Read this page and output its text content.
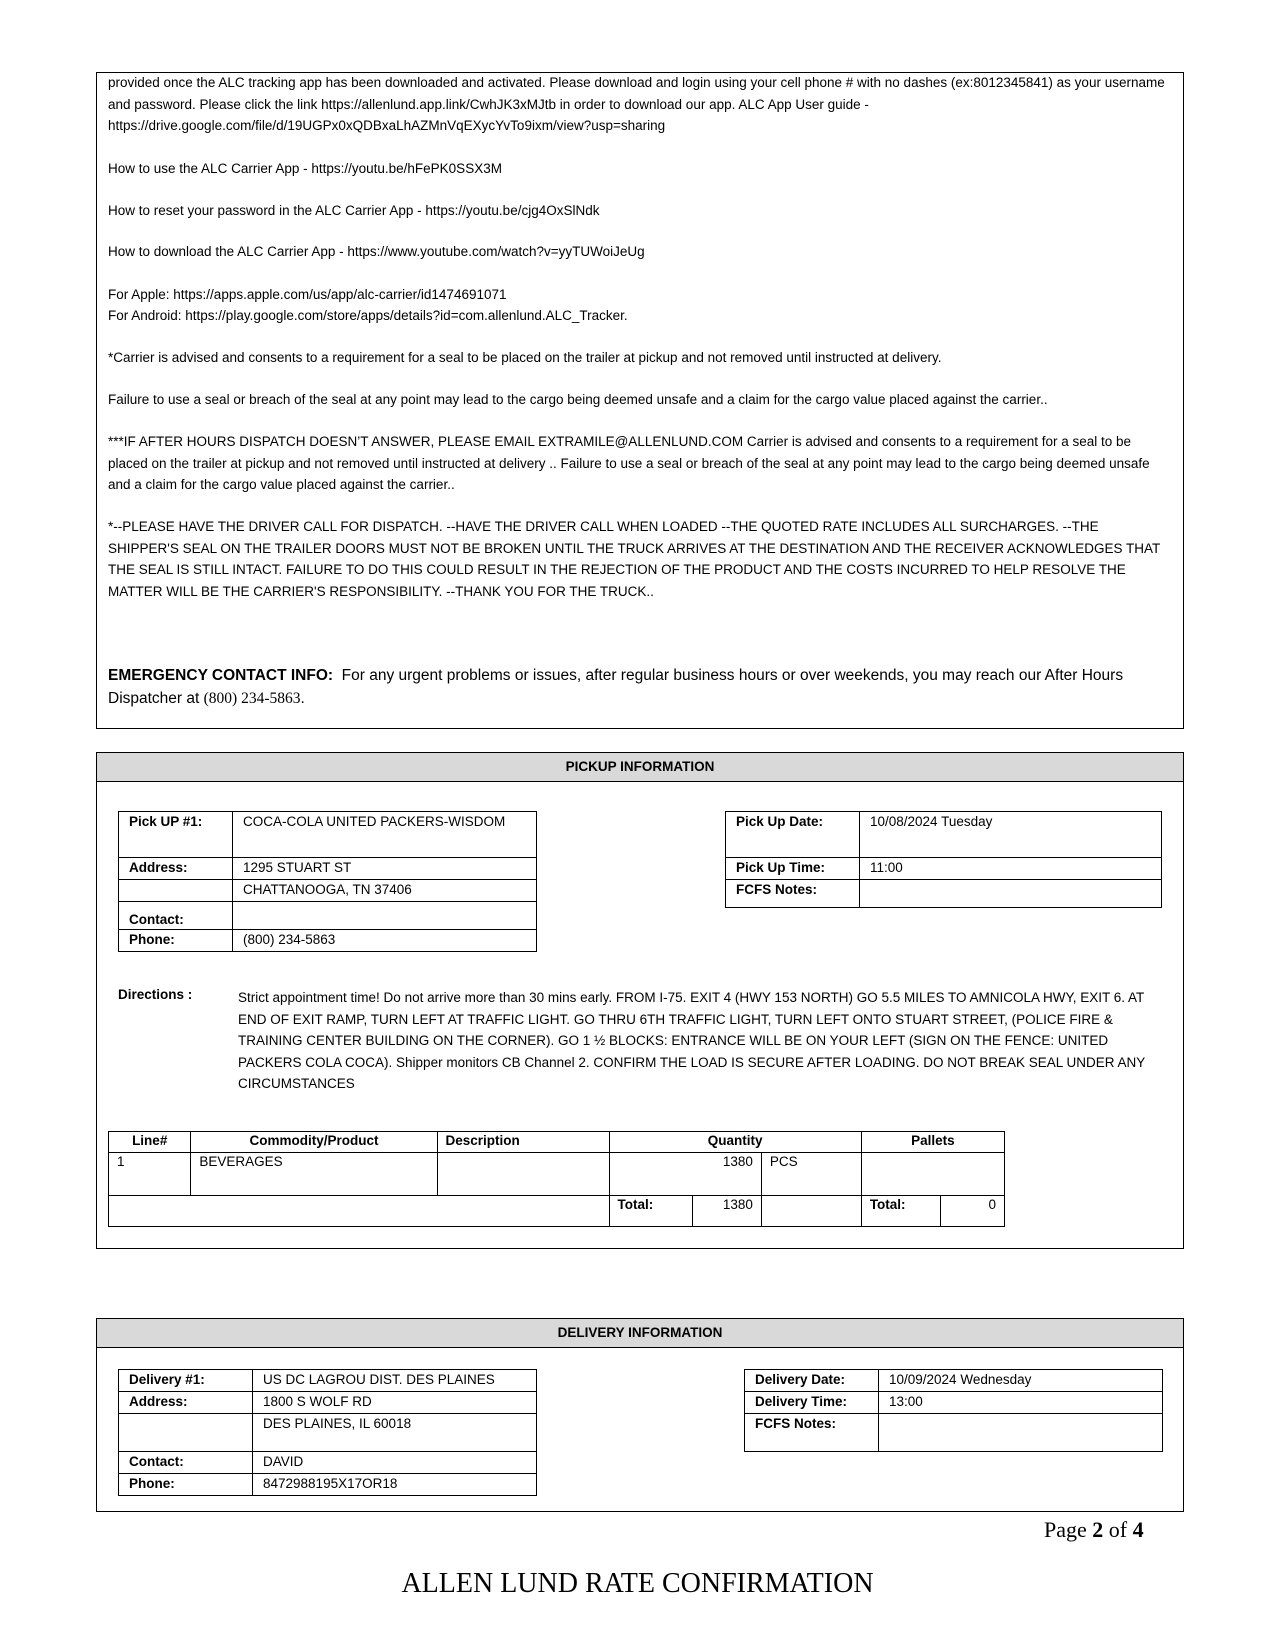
provided once the ALC tracking app has been downloaded and activated. Please download and login using your cell phone # with no dashes (ex:8012345841) as your username and password. Please click the link https://allenlund.app.link/CwhJK3xMJtb in order to download our app. ALC App User guide - https://drive.google.com/file/d/19UGPx0xQDBxaLhAZMnVqEXycYvTo9ixm/view?usp=sharing

How to use the ALC Carrier App - https://youtu.be/hFePK0SSX3M

How to reset your password in the ALC Carrier App - https://youtu.be/cjg4OxSlNdk

How to download the ALC Carrier App - https://www.youtube.com/watch?v=yyTUWoiJeUg

For Apple: https://apps.apple.com/us/app/alc-carrier/id1474691071

For Android: https://play.google.com/store/apps/details?id=com.allenlund.ALC_Tracker.

*Carrier is advised and consents to a requirement for a seal to be placed on the trailer at pickup and not removed until instructed at delivery.

Failure to use a seal or breach of the seal at any point may lead to the cargo being deemed unsafe and a claim for the cargo value placed against the carrier..

***IF AFTER HOURS DISPATCH DOESN’T ANSWER, PLEASE EMAIL EXTRAMILE@ALLENLUND.COM Carrier is advised and consents to a requirement for a seal to be placed on the trailer at pickup and not removed until instructed at delivery .. Failure to use a seal or breach of the seal at any point may lead to the cargo being deemed unsafe and a claim for the cargo value placed against the carrier..

*--PLEASE HAVE THE DRIVER CALL FOR DISPATCH. --HAVE THE DRIVER CALL WHEN LOADED --THE QUOTED RATE INCLUDES ALL SURCHARGES. --THE SHIPPER'S SEAL ON THE TRAILER DOORS MUST NOT BE BROKEN UNTIL THE TRUCK ARRIVES AT THE DESTINATION AND THE RECEIVER ACKNOWLEDGES THAT THE SEAL IS STILL INTACT. FAILURE TO DO THIS COULD RESULT IN THE REJECTION OF THE PRODUCT AND THE COSTS INCURRED TO HELP RESOLVE THE MATTER WILL BE THE CARRIER'S RESPONSIBILITY. --THANK YOU FOR THE TRUCK..

EMERGENCY CONTACT INFO: For any urgent problems or issues, after regular business hours or over weekends, you may reach our After Hours Dispatcher at (800) 234-5863.

PICKUP INFORMATION
Pick UP #1:	COCA-COLA UNITED PACKERS-WISDOM
Address:	1295 STUART ST
	CHATTANOOGA, TN 37406
Contact:	
Phone:	(800) 234-5863
Pick Up Date:	10/08/2024 Tuesday
Pick Up Time:	11:00
FCFS Notes:	
Directions :	Strict appointment time! Do not arrive more than 30 mins early. FROM I-75. EXIT 4 (HWY 153 NORTH) GO 5.5 MILES TO AMNICOLA HWY, EXIT 6. AT END OF EXIT RAMP, TURN LEFT AT TRAFFIC LIGHT. GO THRU 6TH TRAFFIC LIGHT, TURN LEFT ONTO STUART STREET, (POLICE FIRE & TRAINING CENTER BUILDING ON THE CORNER). GO 1 ½ BLOCKS: ENTRANCE WILL BE ON YOUR LEFT (SIGN ON THE FENCE: UNITED PACKERS COLA COCA). Shipper monitors CB Channel 2. CONFIRM THE LOAD IS SECURE AFTER LOADING. DO NOT BREAK SEAL UNDER ANY CIRCUMSTANCES
Line#	Commodity/Product	Description	Quantity			Pallets	
1	BEVERAGES		1380		PCS		
			Total:	1380		Total:	0
DELIVERY INFORMATION
Delivery #1:	US DC LAGROU DIST. DES PLAINES
Address:	1800 S WOLF RD
	DES PLAINES, IL 60018
Contact:	DAVID
Phone:	8472988195X17OR18
Delivery Date:	10/09/2024 Wednesday
Delivery Time:	13:00
FCFS Notes:	
Page 2 of 4
ALLEN LUND RATE CONFIRMATION
